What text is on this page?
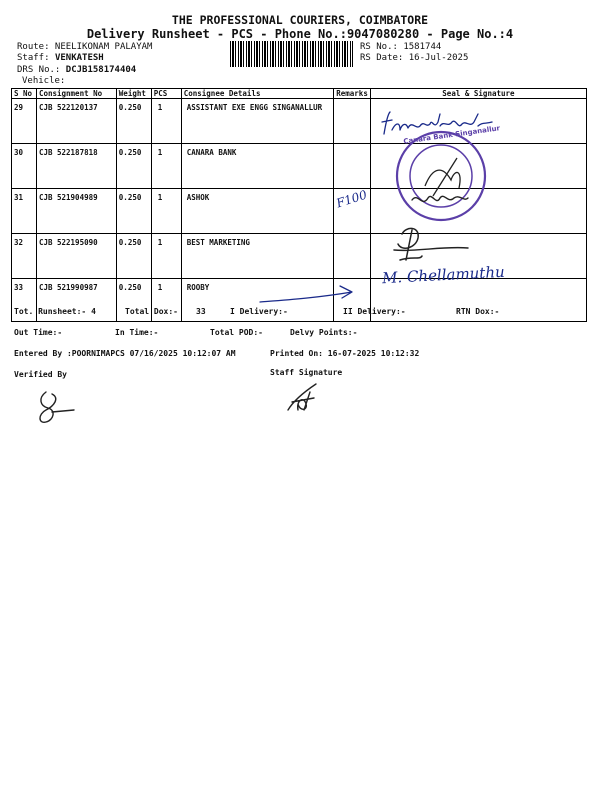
THE PROFESSIONAL COURIERS, COIMBATORE
Delivery Runsheet - PCS - Phone No.:9047080280 - Page No.:4
Route: NEELIKONAM PALAYAM
Staff: VENKATESH
DRS No.: DCJB158174404
Vehicle:
RS No.: 1581744
RS Date: 16-Jul-2025
S No	Consignment No	Weight	PCS	Consignee Details	Remarks	Seal & Signature
29	CJB 522120137	0.250	1	ASSISTANT EXE ENGG SINGANALLUR		
30	CJB 522187818	0.250	1	CANARA BANK		
31	CJB 521904989	0.250	1	ASHOK		
32	CJB 522195090	0.250	1	BEST MARKETING		
33	CJB 521990987	0.250	1	ROOBY		
Tot. Runsheet:- 4	Total Dox:- 33	I Delivery:-	II Delivery:-	RTN Dox:-
Out Time:-	In Time:-	Total POD:-	Delvy Points:-
Entered By :POORNIMAPCS 07/16/2025 10:12:07 AM	Printed On: 16-07-2025 10:12:32
Verified By	Staff Signature
Canara Bank Singanallur
F100
M. Chellamuthu
